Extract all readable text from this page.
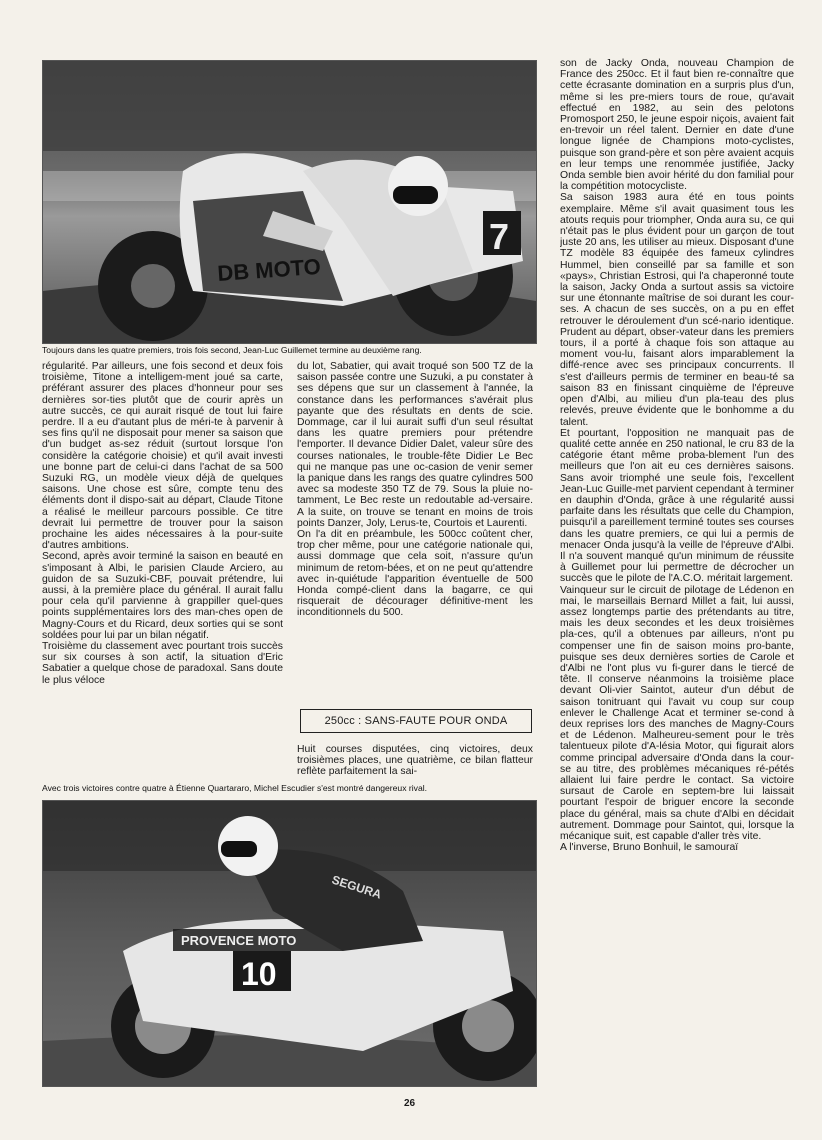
DB MOTO
7
Toujours dans les quatre premiers, trois fois second, Jean-Luc Guillemet termine au deuxième rang.

régularité. Par ailleurs, une fois second et deux fois troisième, Titone a intelligem-ment joué sa carte, préférant assurer des places d'honneur pour ses dernières sor-ties plutôt que de courir après un autre succès, ce qui aurait risqué de tout lui faire perdre. Il a eu d'autant plus de méri-te à parvenir à ses fins qu'il ne disposait pour mener sa saison que d'un budget as-sez réduit (surtout lorsque l'on considère la catégorie choisie) et qu'il avait investi une bonne part de celui-ci dans l'achat de sa 500 Suzuki RG, un modèle vieux déjà de quelques saisons. Une chose est sûre, compte tenu des éléments dont il dispo-sait au départ, Claude Titone a réalisé le meilleur parcours possible. Ce titre devrait lui permettre de trouver pour la saison prochaine les aides nécessaires à la pour-suite d'autres ambitions.

Second, après avoir terminé la saison en beauté en s'imposant à Albi, le parisien Claude Arciero, au guidon de sa Suzuki-CBF, pouvait prétendre, lui aussi, à la première place du général. Il aurait fallu pour cela qu'il parvienne à grappiller quel-ques points supplémentaires lors des man-ches open de Magny-Cours et du Ricard, deux sorties qui se sont soldées pour lui par un bilan négatif.

Troisième du classement avec pourtant trois succès sur six courses à son actif, la situation d'Eric Sabatier a quelque chose de paradoxal. Sans doute le plus véloce

du lot, Sabatier, qui avait troqué son 500 TZ de la saison passée contre une Suzuki, a pu constater à ses dépens que sur un classement à l'année, la constance dans les performances s'avérait plus payante que des résultats en dents de scie. Dommage, car il lui aurait suffi d'un seul résultat dans les quatre premiers pour prétendre l'emporter. Il devance Didier Dalet, valeur sûre des courses nationales, le trouble-fête Didier Le Bec qui ne manque pas une oc-casion de venir semer la panique dans les rangs des quatre cylindres 500 avec sa modeste 350 TZ de 79. Sous la pluie no-tamment, Le Bec reste un redoutable ad-versaire. A la suite, on trouve se tenant en moins de trois points Danzer, Joly, Lerus-te, Courtois et Laurenti.

On l'a dit en préambule, les 500cc coûtent cher, trop cher même, pour une catégorie nationale qui, aussi dommage que cela soit, n'assure qu'un minimum de retom-bées, et on ne peut qu'attendre avec in-quiétude l'apparition éventuelle de 500 Honda compé-client dans la bagarre, ce qui risquerait de décourager définitive-ment les inconditionnels du 500.

250cc : SANS-FAUTE POUR ONDA

Huit courses disputées, cinq victoires, deux troisièmes places, une quatrième, ce bilan flatteur reflète parfaitement la sai-

Avec trois victoires contre quatre à Étienne Quartararo, Michel Escudier s'est montré dangereux rival.
PROVENCE MOTO
10
SEGURA

son de Jacky Onda, nouveau Champion de France des 250cc. Et il faut bien re-connaître que cette écrasante domination en a surpris plus d'un, même si les pre-miers tours de roue, qu'avait effectué en 1982, au sein des pelotons Promosport 250, le jeune espoir niçois, avaient fait en-trevoir un réel talent. Dernier en date d'une longue lignée de Champions moto-cyclistes, puisque son grand-père et son père avaient acquis en leur temps une renommée justifiée, Jacky Onda semble bien avoir hérité du don familial pour la compétition motocycliste.

Sa saison 1983 aura été en tous points exemplaire. Même s'il avait quasiment tous les atouts requis pour triompher, Onda aura su, ce qui n'était pas le plus évident pour un garçon de tout juste 20 ans, les utiliser au mieux. Disposant d'une TZ modèle 83 équipée des fameux cylindres Hummel, bien conseillé par sa famille et son «pays», Christian Estrosi, qui l'a chaperonné toute la saison, Jacky Onda a surtout assis sa victoire sur une étonnante maîtrise de soi durant les cour-ses. A chacun de ses succès, on a pu en effet retrouver le déroulement d'un scé-nario identique. Prudent au départ, obser-vateur dans les premiers tours, il a porté à chaque fois son attaque au moment vou-lu, faisant alors imparablement la diffé-rence avec ses principaux concurrents. Il s'est d'ailleurs permis de terminer en beau-té sa saison 83 en finissant cinquième de l'épreuve open d'Albi, au milieu d'un pla-teau des plus relevés, preuve évidente que le bonhomme a du talent.

Et pourtant, l'opposition ne manquait pas de qualité cette année en 250 national, le cru 83 de la catégorie étant même proba-blement l'un des meilleurs que l'on ait eu ces dernières saisons. Sans avoir triomphé une seule fois, l'excellent Jean-Luc Guille-met parvient cependant à terminer en dauphin d'Onda, grâce à une régularité aussi parfaite dans les résultats que celle du Champion, puisqu'il a pareillement terminé toutes ses courses dans les quatre premiers, ce qui lui a permis de menacer Onda jusqu'à la veille de l'épreuve d'Albi. Il n'a souvent manqué qu'un minimum de réussite à Guillemet pour lui permettre de décrocher un succès que le pilote de l'A.C.O. méritait largement.

Vainqueur sur le circuit de pilotage de Lédenon en mai, le marseillais Bernard Millet a fait, lui aussi, assez longtemps partie des prétendants au titre, mais les deux secondes et les deux troisièmes pla-ces, qu'il a obtenues par ailleurs, n'ont pu compenser une fin de saison moins pro-bante, puisque ses deux dernières sorties de Carole et d'Albi ne l'ont plus vu fi-gurer dans le tiercé de tête. Il conserve néanmoins la troisième place devant Oli-vier Saintot, auteur d'un début de saison tonitruant qui l'avait vu coup sur coup enlever le Challenge Acat et terminer se-cond à deux reprises lors des manches de Magny-Cours et de Lédenon. Malheureu-sement pour le très talentueux pilote d'A-lésia Motor, qui figurait alors comme principal adversaire d'Onda dans la cour-se au titre, des problèmes mécaniques ré-pétés allaient lui faire perdre le contact. Sa victoire sursaut de Carole en septem-bre lui laissait pourtant l'espoir de briguer encore la seconde place du général, mais sa chute d'Albi en décidait autrement. Dommage pour Saintot, qui, lorsque la mécanique suit, est capable d'aller très vite.

A l'inverse, Bruno Bonhuil, le samouraï

26
